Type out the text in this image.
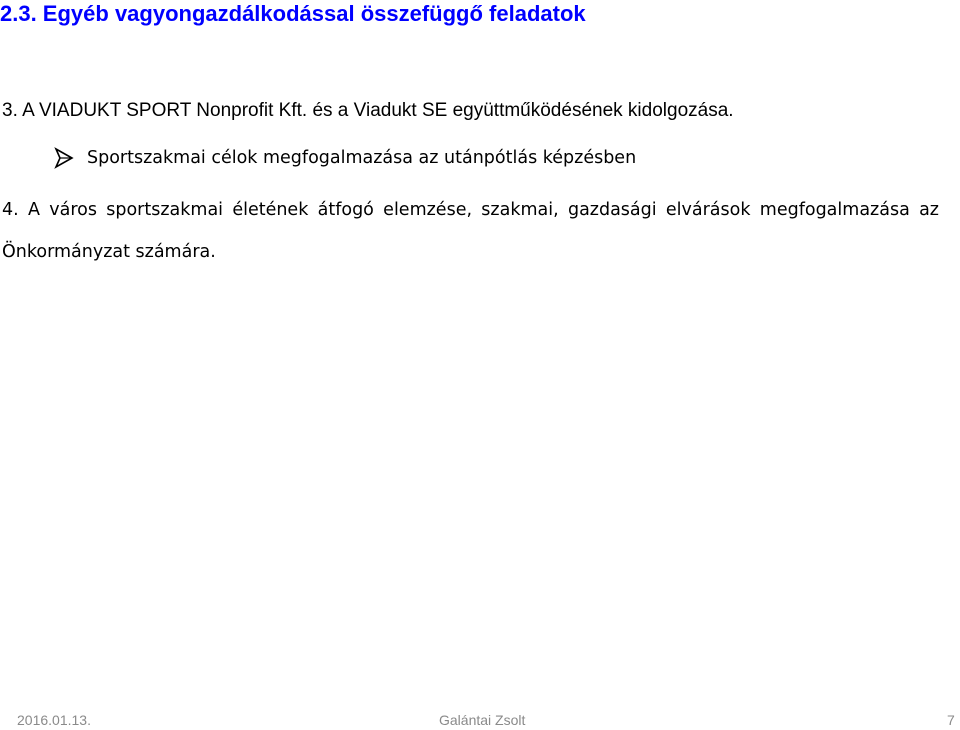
2.3. Egyéb vagyongazdálkodással összefüggő feladatok
3. A VIADUKT SPORT Nonprofit Kft. és a Viadukt SE együttműködésének kidolgozása.
Sportszakmai célok megfogalmazása az utánpótlás képzésben
4. A város sportszakmai életének átfogó elemzése, szakmai, gazdasági elvárások megfogalmazása az Önkormányzat számára.
2016.01.13.	Galántai Zsolt	7
